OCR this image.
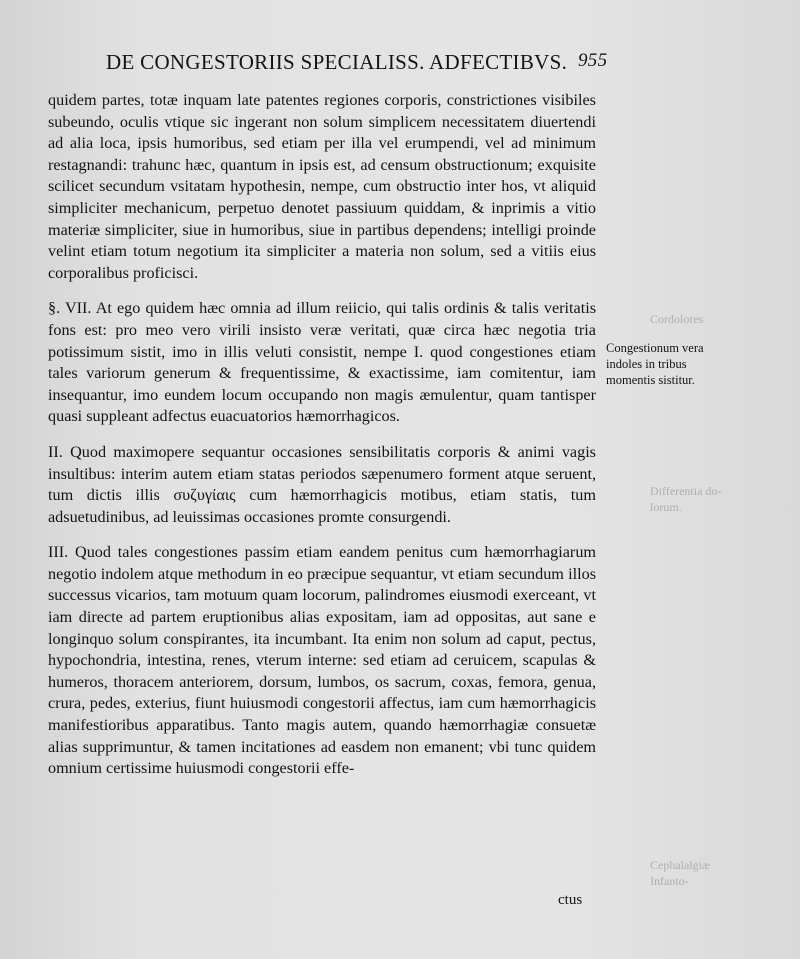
Cordolores
Differentia do-
lorum.
Cephalalgiæ
Infanto-
DE CONGESTORIIS SPECIALISS. ADFECTIBVS. 955

quidem partes, totæ inquam late patentes regiones corporis, constrictiones visibiles subeundo, oculis vtique sic ingerant non solum simplicem necessitatem diuertendi ad alia loca, ipsis humoribus, sed etiam per illa vel erumpendi, vel ad minimum restagnandi: trahunc hæc, quantum in ipsis est, ad censum obstructionum; exquisite scilicet secundum vsitatam hypothesin, nempe, cum obstructio inter hos, vt aliquid simpliciter mechanicum, perpetuo denotet passiuum quiddam, & inprimis a vitio materiæ simpliciter, siue in humoribus, siue in partibus dependens; intelligi proinde velint etiam totum negotium ita simpliciter a materia non solum, sed a vitiis eius corporalibus proficisci.

§. VII. At ego quidem hæc omnia ad illum reiicio, qui talis ordinis & talis veritatis fons est: pro meo vero virili insisto veræ veritati, quæ circa hæc negotia tria potissimum sistit, imo in illis veluti consistit, nempe I. quod congestiones etiam tales variorum generum & frequentissime, & exactissime, iam comitentur, iam insequantur, imo eundem locum occupando non magis æmulentur, quam tantisper quasi suppleant adfectus euacuatorios hæmorrhagicos.

II. Quod maximopere sequantur occasiones sensibilitatis corporis & animi vagis insultibus: interim autem etiam statas periodos sæpenumero forment atque seruent, tum dictis illis συζυγίαις cum hæmorrhagicis motibus, etiam statis, tum adsuetudinibus, ad leuissimas occasiones promte consurgendi.

III. Quod tales congestiones passim etiam eandem penitus cum hæmorrhagiarum negotio indolem atque methodum in eo præcipue sequantur, vt etiam secundum illos successus vicarios, tam motuum quam locorum, palindromes eiusmodi exerceant, vt iam directe ad partem eruptionibus alias expositam, iam ad oppositas, aut sane e longinquo solum conspirantes, ita incumbant. Ita enim non solum ad caput, pectus, hypochondria, intestina, renes, vterum interne: sed etiam ad ceruicem, scapulas & humeros, thoracem anteriorem, dorsum, lumbos, os sacrum, coxas, femora, genua, crura, pedes, exterius, fiunt huiusmodi congestorii affectus, iam cum hæmorrhagicis manifestioribus apparatibus. Tanto magis autem, quando hæmorrhagiæ consuetæ alias supprimuntur, & tamen incitationes ad easdem non emanent; vbi tunc quidem omnium certissime huiusmodi congestorii effe-

Congestionum vera indoles in tribus momentis sistitur.
ctus
